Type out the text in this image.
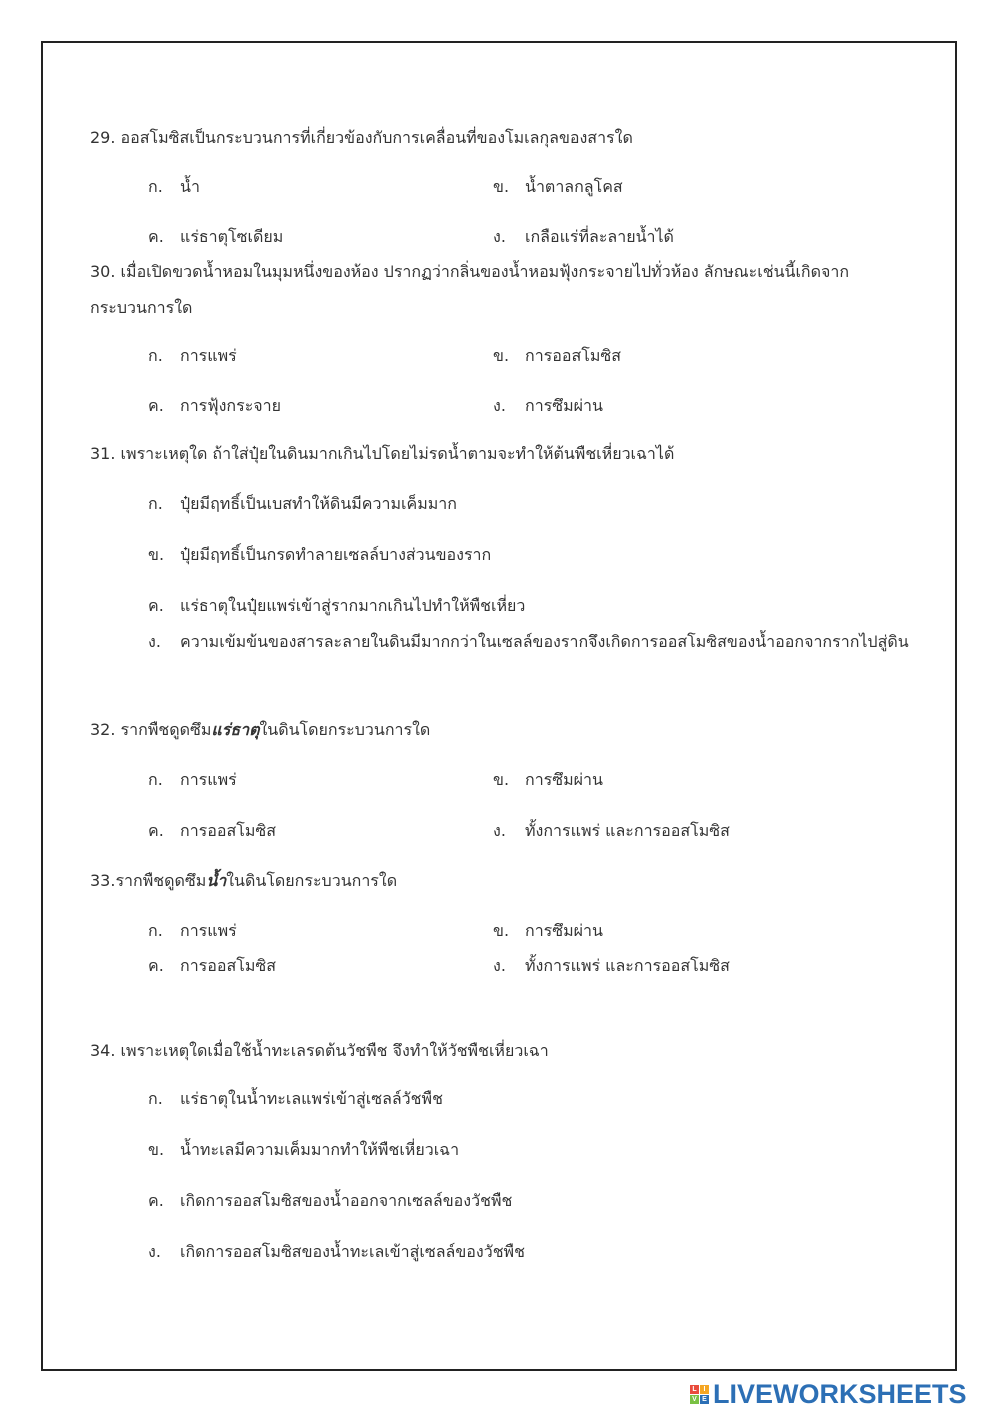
29. ออสโมซิสเป็นกระบวนการที่เกี่ยวข้องกับการเคลื่อนที่ของโมเลกุลของสารใด
ก. น้ำ	ข. น้ำตาลกลูโคส
ค. แร่ธาตุโซเดียม	ง. เกลือแร่ที่ละลายน้ำได้
30. เมื่อเปิดขวดน้ำหอมในมุมหนึ่งของห้อง ปรากฏว่ากลิ่นของน้ำหอมฟุ้งกระจายไปทั่วห้อง ลักษณะเช่นนี้เกิดจากกระบวนการใด
ก. การแพร่	ข. การออสโมซิส
ค. การฟุ้งกระจาย	ง. การซึมผ่าน
31. เพราะเหตุใด ถ้าใส่ปุ๋ยในดินมากเกินไปโดยไม่รดน้ำตามจะทำให้ต้นพืชเหี่ยวเฉาได้
ก. ปุ๋ยมีฤทธิ์เป็นเบสทำให้ดินมีความเค็มมาก
ข. ปุ๋ยมีฤทธิ์เป็นกรดทำลายเซลล์บางส่วนของราก
ค. แร่ธาตุในปุ๋ยแพร่เข้าสู่รากมากเกินไปทำให้พืชเหี่ยว
ง. ความเข้มข้นของสารละลายในดินมีมากกว่าในเซลล์ของรากจึงเกิดการออสโมซิสของน้ำออกจากรากไปสู่ดิน
32. รากพืชดูดซึมแร่ธาตุในดินโดยกระบวนการใด
ก. การแพร่	ข. การซึมผ่าน
ค. การออสโมซิส	ง. ทั้งการแพร่ และการออสโมซิส
33.รากพืชดูดซึมน้ำในดินโดยกระบวนการใด
ก. การแพร่	ข. การซึมผ่าน
ค. การออสโมซิส	ง. ทั้งการแพร่ และการออสโมซิส
34. เพราะเหตุใดเมื่อใช้น้ำทะเลรดต้นวัชพืช จึงทำให้วัชพืชเหี่ยวเฉา
ก. แร่ธาตุในน้ำทะเลแพร่เข้าสู่เซลล์วัชพืช
ข. น้ำทะเลมีความเค็มมากทำให้พืชเหี่ยวเฉา
ค. เกิดการออสโมซิสของน้ำออกจากเซลล์ของวัชพืช
ง. เกิดการออสโมซิสของน้ำทะเลเข้าสู่เซลล์ของวัชพืช
L I
V E LIVEWORKSHEETS
